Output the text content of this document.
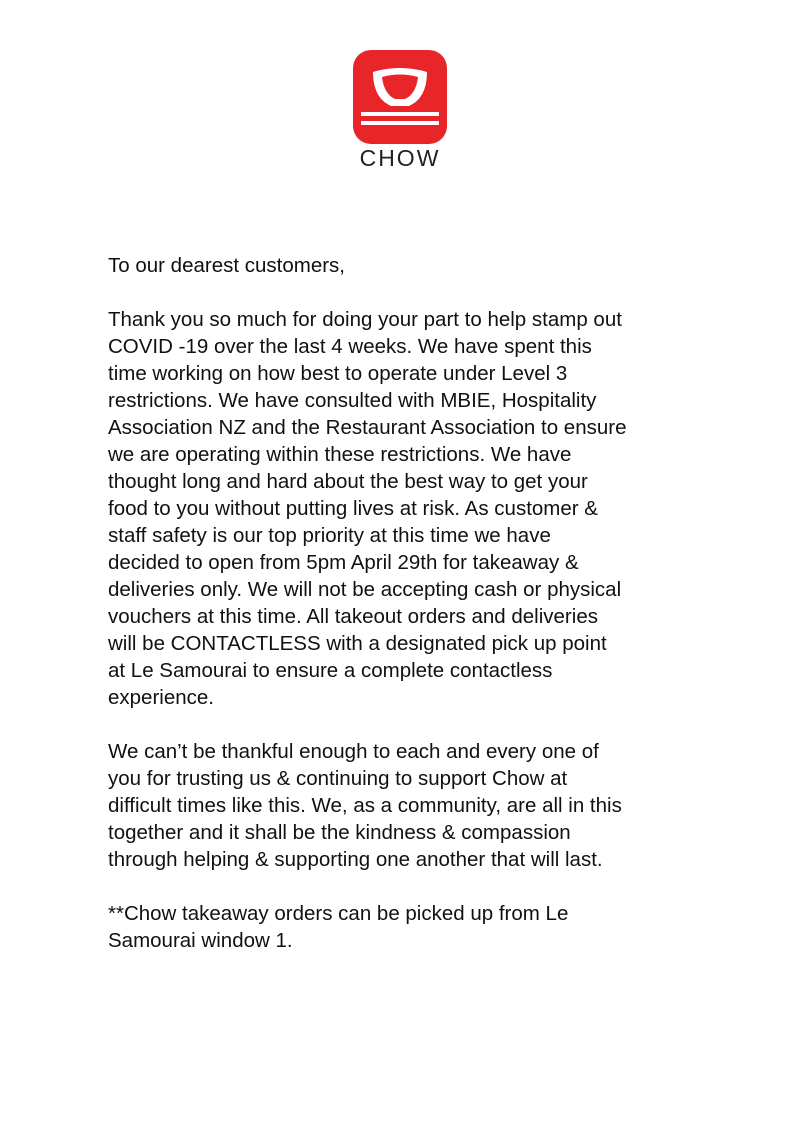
CHOW

To our dearest customers,

Thank you so much for doing your part to help stamp out
COVID -19 over the last 4 weeks. We have spent this
time working on how best to operate under Level 3
restrictions. We have consulted with MBIE, Hospitality
Association NZ and the Restaurant Association to ensure
we are operating within these restrictions. We have
thought long and hard about the best way to get your
food to you without putting lives at risk. As customer &
staff safety is our top priority at this time we have
decided to open from 5pm April 29th for takeaway &
deliveries only. We will not be accepting cash or physical
vouchers at this time. All takeout orders and deliveries
will be CONTACTLESS with a designated pick up point
at Le Samourai to ensure a complete contactless
experience.

We can’t be thankful enough to each and every one of
you for trusting us & continuing to support Chow at
difficult times like this. We, as a community, are all in this
together and it shall be the kindness & compassion
through helping & supporting one another that will last.

**Chow takeaway orders can be picked up from Le
Samourai window 1.
